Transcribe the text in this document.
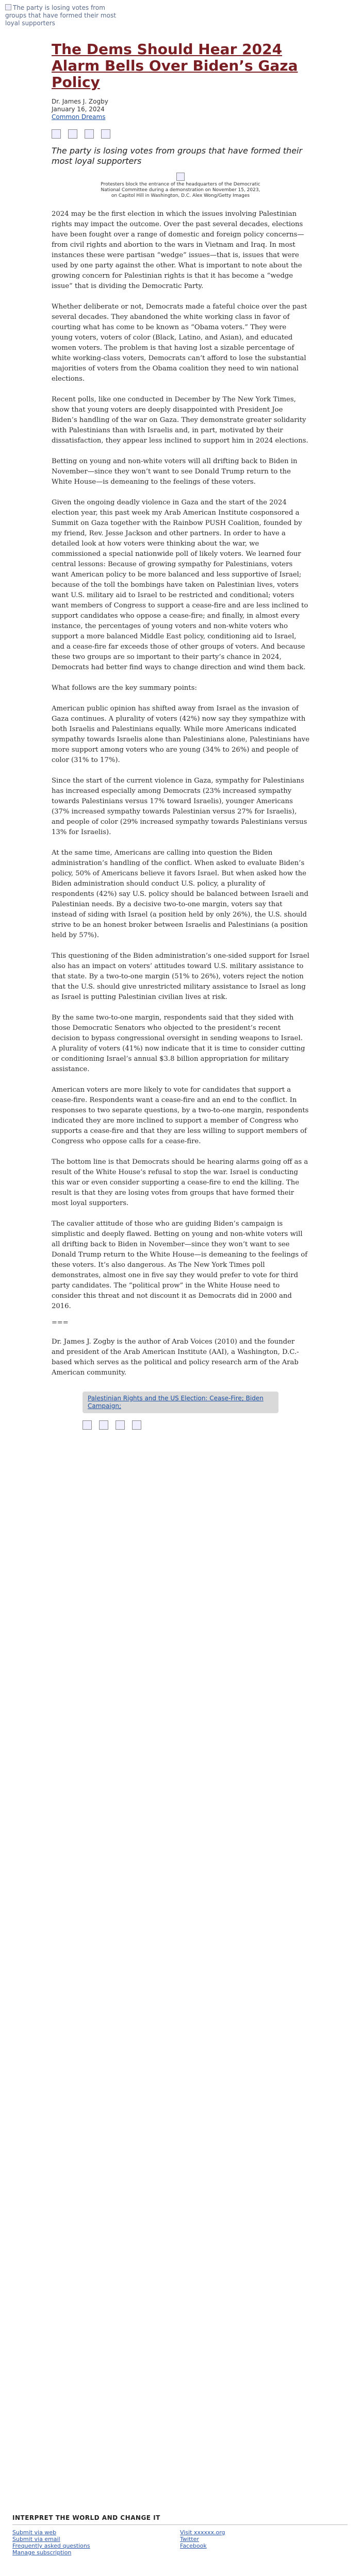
The party is losing votes from groups that have formed their most loyal supporters
The Dems Should Hear 2024 Alarm Bells Over Biden’s Gaza Policy
Dr. James J. Zogby
January 16, 2024
Common Dreams
The party is losing votes from groups that have formed their most loyal supporters
Protesters block the entrance of the headquarters of the Democratic National Committee during a demonstration on November 15, 2023, on Capitol Hill in Washington, D.C. Alex Wong/Getty Images

2024 may be the first election in which the issues involving Palestinian rights may impact the outcome. Over the past several decades, elections have been fought over a range of domestic and foreign policy concerns—from civil rights and abortion to the wars in Vietnam and Iraq. In most instances these were partisan “wedge” issues—that is, issues that were used by one party against the other. What is important to note about the growing concern for Palestinian rights is that it has become a “wedge issue” that is dividing the Democratic Party.

Whether deliberate or not, Democrats made a fateful choice over the past several decades. They abandoned the white working class in favor of courting what has come to be known as “Obama voters.” They were young voters, voters of color (Black, Latino, and Asian), and educated women voters. The problem is that having lost a sizable percentage of white working-class voters, Democrats can’t afford to lose the substantial majorities of voters from the Obama coalition they need to win national elections.

Recent polls, like one conducted in December by The New York Times, show that young voters are deeply disappointed with President Joe Biden’s handling of the war on Gaza. They demonstrate greater solidarity with Palestinians than with Israelis and, in part, motivated by their dissatisfaction, they appear less inclined to support him in 2024 elections.

Betting on young and non-white voters will all drifting back to Biden in November—since they won’t want to see Donald Trump return to the White House—is demeaning to the feelings of these voters.

Given the ongoing deadly violence in Gaza and the start of the 2024 election year, this past week my Arab American Institute cosponsored a Summit on Gaza together with the Rainbow PUSH Coalition, founded by my friend, Rev. Jesse Jackson and other partners. In order to have a detailed look at how voters were thinking about the war, we commissioned a special nationwide poll of likely voters. We learned four central lessons: Because of growing sympathy for Palestinians, voters want American policy to be more balanced and less supportive of Israel; because of the toll the bombings have taken on Palestinian lives, voters want U.S. military aid to Israel to be restricted and conditional; voters want members of Congress to support a cease-fire and are less inclined to support candidates who oppose a cease-fire; and finally, in almost every instance, the percentages of young voters and non-white voters who support a more balanced Middle East policy, conditioning aid to Israel, and a cease-fire far exceeds those of other groups of voters. And because these two groups are so important to their party’s chance in 2024, Democrats had better find ways to change direction and wind them back.

What follows are the key summary points:

American public opinion has shifted away from Israel as the invasion of Gaza continues. A plurality of voters (42%) now say they sympathize with both Israelis and Palestinians equally. While more Americans indicated sympathy towards Israelis alone than Palestinians alone, Palestinians have more support among voters who are young (34% to 26%) and people of color (31% to 17%).

Since the start of the current violence in Gaza, sympathy for Palestinians has increased especially among Democrats (23% increased sympathy towards Palestinians versus 17% toward Israelis), younger Americans (37% increased sympathy towards Palestinian versus 27% for Israelis), and people of color (29% increased sympathy towards Palestinians versus 13% for Israelis).

At the same time, Americans are calling into question the Biden administration’s handling of the conflict. When asked to evaluate Biden’s policy, 50% of Americans believe it favors Israel. But when asked how the Biden administration should conduct U.S. policy, a plurality of respondents (42%) say U.S. policy should be balanced between Israeli and Palestinian needs. By a decisive two-to-one margin, voters say that instead of siding with Israel (a position held by only 26%), the U.S. should strive to be an honest broker between Israelis and Palestinians (a position held by 57%).

This questioning of the Biden administration’s one-sided support for Israel also has an impact on voters’ attitudes toward U.S. military assistance to that state. By a two-to-one margin (51% to 26%), voters reject the notion that the U.S. should give unrestricted military assistance to Israel as long as Israel is putting Palestinian civilian lives at risk.

By the same two-to-one margin, respondents said that they sided with those Democratic Senators who objected to the president’s recent decision to bypass congressional oversight in sending weapons to Israel. A plurality of voters (41%) now indicate that it is time to consider cutting or conditioning Israel’s annual $3.8 billion appropriation for military assistance.

American voters are more likely to vote for candidates that support a cease-fire. Respondents want a cease-fire and an end to the conflict. In responses to two separate questions, by a two-to-one margin, respondents indicated they are more inclined to support a member of Congress who supports a cease-fire and that they are less willing to support members of Congress who oppose calls for a cease-fire.

The bottom line is that Democrats should be hearing alarms going off as a result of the White House’s refusal to stop the war. Israel is conducting this war or even consider supporting a cease-fire to end the killing. The result is that they are losing votes from groups that have formed their most loyal supporters.

The cavalier attitude of those who are guiding Biden’s campaign is simplistic and deeply flawed. Betting on young and non-white voters will all drifting back to Biden in November—since they won’t want to see Donald Trump return to the White House—is demeaning to the feelings of these voters. It’s also dangerous. As The New York Times poll demonstrates, almost one in five say they would prefer to vote for third party candidates. The “political prow” in the White House need to consider this threat and not discount it as Democrats did in 2000 and 2016.

===

Dr. James J. Zogby is the author of Arab Voices (2010) and the founder and president of the Arab American Institute (AAI), a Washington, D.C.-based which serves as the political and policy research arm of the Arab American community.

Palestinian Rights and the US Election: Cease-Fire; Biden Campaign;
INTERPRET THE WORLD AND CHANGE IT
Submit via web
Submit via email
Frequently asked questions
Manage subscription
Visit xxxxxx.org
Twitter
Facebook
